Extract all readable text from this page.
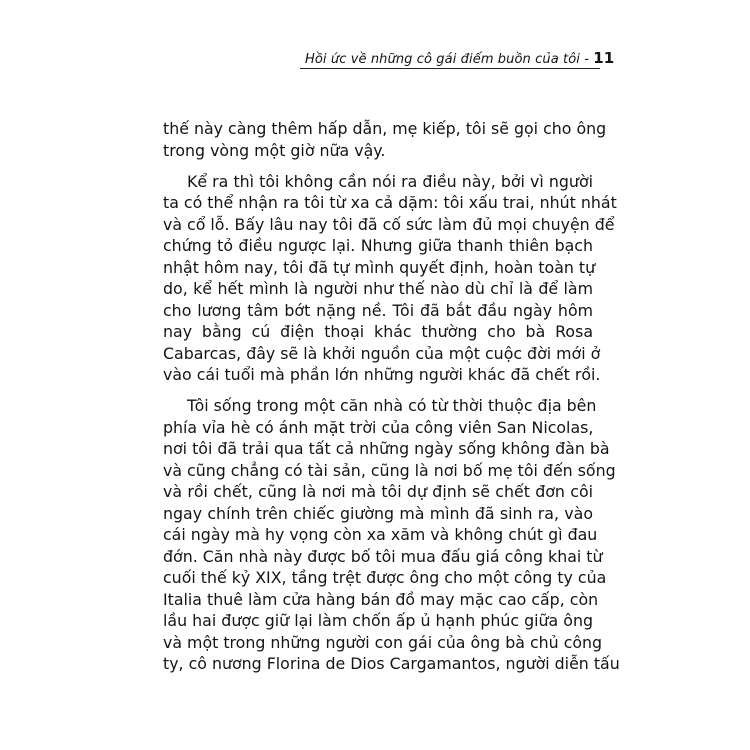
Hồi ức về những cô gái điếm buồn của tôi - 11
thế này càng thêm hấp dẫn, mẹ kiếp, tôi sẽ gọi cho ông
trong vòng một giờ nữa vậy.
Kể ra thì tôi không cần nói ra điều này, bởi vì người
ta có thể nhận ra tôi từ xa cả dặm: tôi xấu trai, nhút nhát
và cổ lỗ. Bấy lâu nay tôi đã cố sức làm đủ mọi chuyện để
chứng tỏ điều ngược lại. Nhưng giữa thanh thiên bạch
nhật hôm nay, tôi đã tự mình quyết định, hoàn toàn tự
do, kể hết mình là người như thế nào dù chỉ là để làm
cho lương tâm bớt nặng nề. Tôi đã bắt đầu ngày hôm
nay bằng cú điện thoại khác thường cho bà Rosa
Cabarcas, đây sẽ là khởi nguồn của một cuộc đời mới ở
vào cái tuổi mà phần lớn những người khác đã chết rồi.
Tôi sống trong một căn nhà có từ thời thuộc địa bên
phía vỉa hè có ánh mặt trời của công viên San Nicolas,
nơi tôi đã trải qua tất cả những ngày sống không đàn bà
và cũng chẳng có tài sản, cũng là nơi bố mẹ tôi đến sống
và rồi chết, cũng là nơi mà tôi dự định sẽ chết đơn côi
ngay chính trên chiếc giường mà mình đã sinh ra, vào
cái ngày mà hy vọng còn xa xăm và không chút gì đau
đớn. Căn nhà này được bố tôi mua đấu giá công khai từ
cuối thế kỷ XIX, tầng trệt được ông cho một công ty của
Italia thuê làm cửa hàng bán đồ may mặc cao cấp, còn
lầu hai được giữ lại làm chốn ấp ủ hạnh phúc giữa ông
và một trong những người con gái của ông bà chủ công
ty, cô nương Florina de Dios Cargamantos, người diễn tấu
